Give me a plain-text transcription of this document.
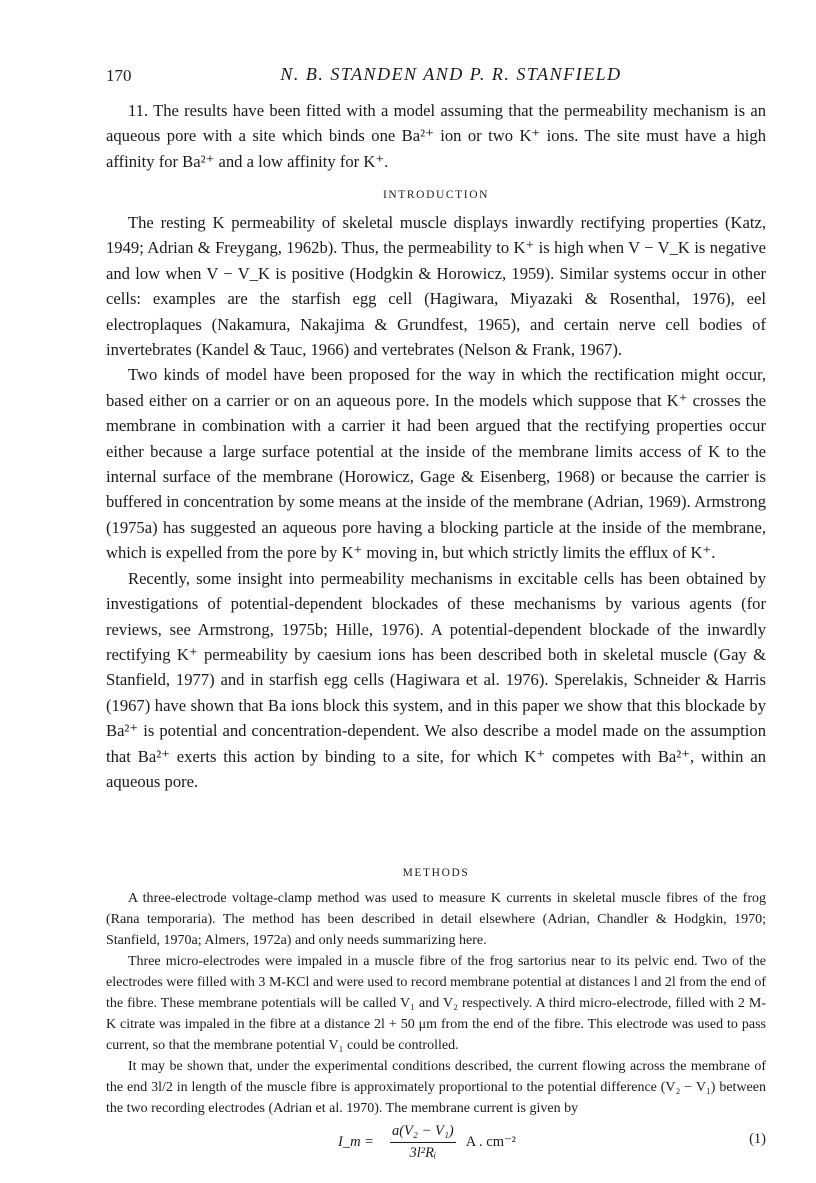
170	N. B. STANDEN AND P. R. STANFIELD

11. The results have been fitted with a model assuming that the permeability mechanism is an aqueous pore with a site which binds one Ba²⁺ ion or two K⁺ ions. The site must have a high affinity for Ba²⁺ and a low affinity for K⁺.

INTRODUCTION

The resting K permeability of skeletal muscle displays inwardly rectifying properties (Katz, 1949; Adrian & Freygang, 1962b). Thus, the permeability to K⁺ is high when V − V_K is negative and low when V − V_K is positive (Hodgkin & Horowicz, 1959). Similar systems occur in other cells: examples are the starfish egg cell (Hagiwara, Miyazaki & Rosenthal, 1976), eel electroplaques (Nakamura, Nakajima & Grundfest, 1965), and certain nerve cell bodies of invertebrates (Kandel & Tauc, 1966) and vertebrates (Nelson & Frank, 1967).

Two kinds of model have been proposed for the way in which the rectification might occur, based either on a carrier or on an aqueous pore. In the models which suppose that K⁺ crosses the membrane in combination with a carrier it had been argued that the rectifying properties occur either because a large surface potential at the inside of the membrane limits access of K to the internal surface of the membrane (Horowicz, Gage & Eisenberg, 1968) or because the carrier is buffered in concentration by some means at the inside of the membrane (Adrian, 1969). Armstrong (1975a) has suggested an aqueous pore having a blocking particle at the inside of the membrane, which is expelled from the pore by K⁺ moving in, but which strictly limits the efflux of K⁺.

Recently, some insight into permeability mechanisms in excitable cells has been obtained by investigations of potential-dependent blockades of these mechanisms by various agents (for reviews, see Armstrong, 1975b; Hille, 1976). A potential-dependent blockade of the inwardly rectifying K⁺ permeability by caesium ions has been described both in skeletal muscle (Gay & Stanfield, 1977) and in starfish egg cells (Hagiwara et al. 1976). Sperelakis, Schneider & Harris (1967) have shown that Ba ions block this system, and in this paper we show that this blockade by Ba²⁺ is potential and concentration-dependent. We also describe a model made on the assumption that Ba²⁺ exerts this action by binding to a site, for which K⁺ competes with Ba²⁺, within an aqueous pore.

METHODS

A three-electrode voltage-clamp method was used to measure K currents in skeletal muscle fibres of the frog (Rana temporaria). The method has been described in detail elsewhere (Adrian, Chandler & Hodgkin, 1970; Stanfield, 1970a; Almers, 1972a) and only needs summarizing here.

Three micro-electrodes were impaled in a muscle fibre of the frog sartorius near to its pelvic end. Two of the electrodes were filled with 3 M-KCl and were used to record membrane potential at distances l and 2l from the end of the fibre. These membrane potentials will be called V₁ and V₂ respectively. A third micro-electrode, filled with 2 M-K citrate was impaled in the fibre at a distance 2l + 50 μm from the end of the fibre. This electrode was used to pass current, so that the membrane potential V₁ could be controlled.

It may be shown that, under the experimental conditions described, the current flowing across the membrane of the end 3l/2 in length of the muscle fibre is approximately proportional to the potential difference (V₂ − V₁) between the two recording electrodes (Adrian et al. 1970). The membrane current is given by

I_m = $\frac{\text{a(V₂ − V₁)}}{\text{3l²Rᵢ}}$ A . cm⁻²	(1)
